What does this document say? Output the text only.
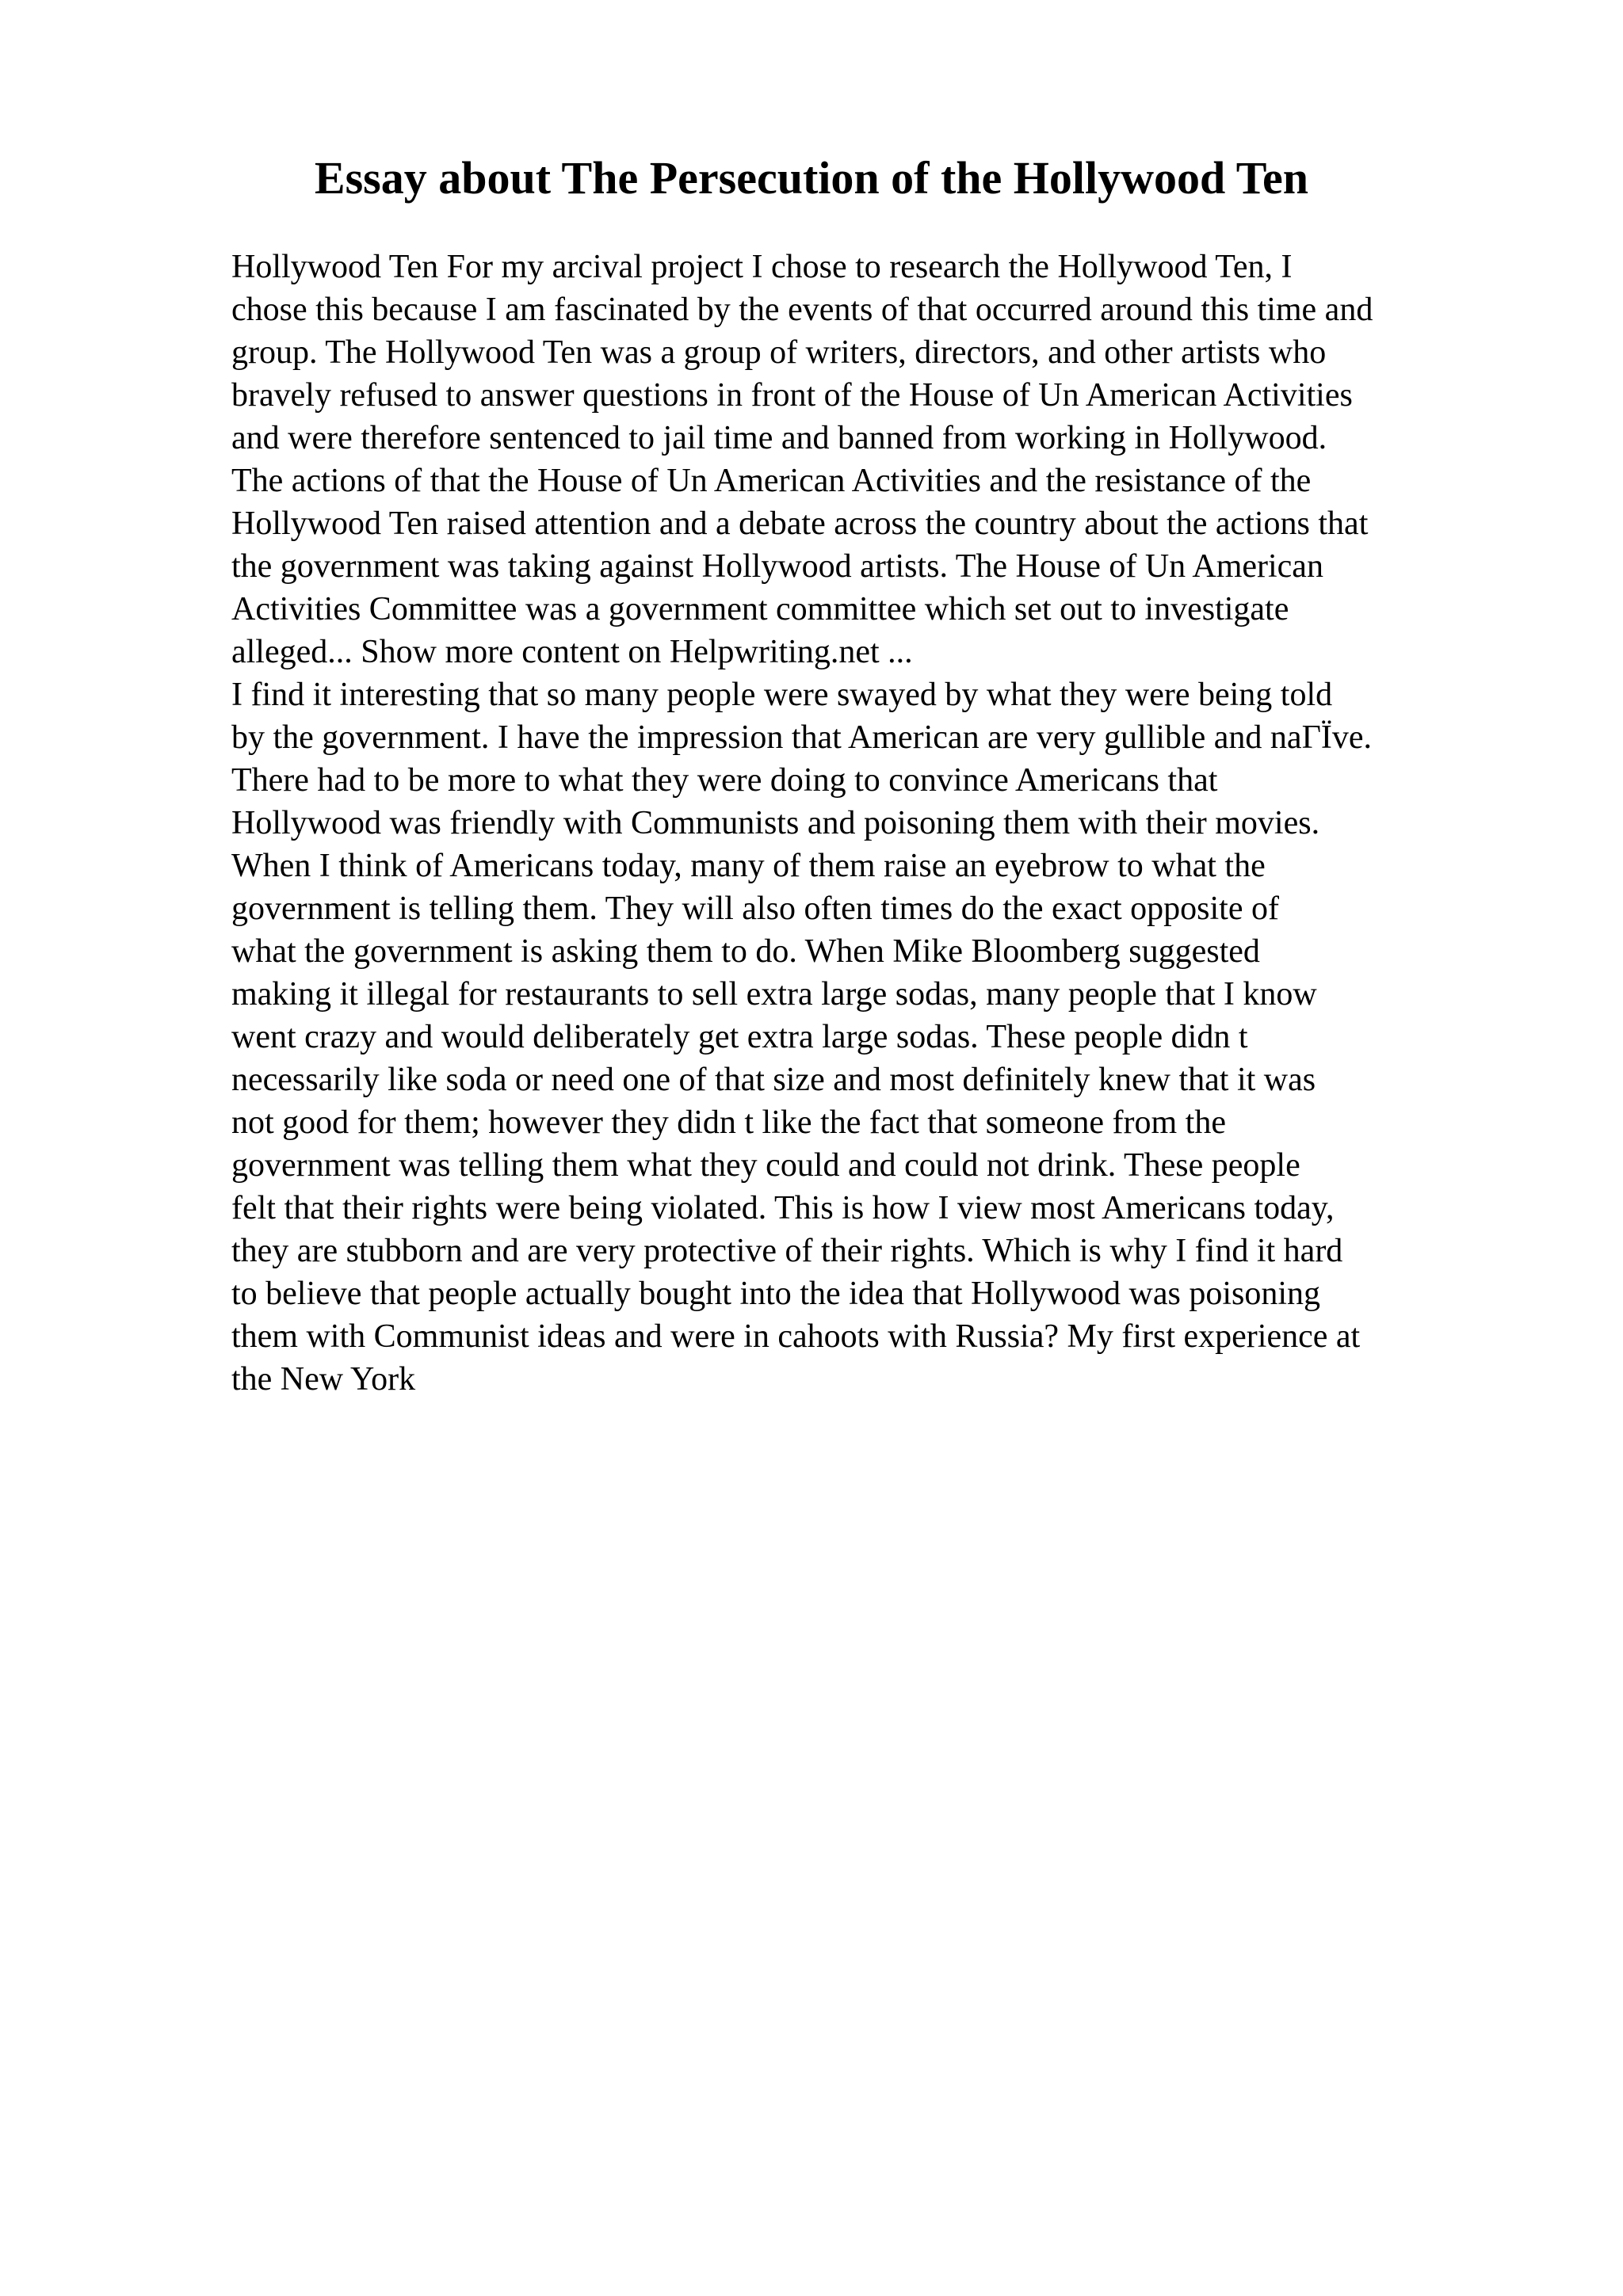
Essay about The Persecution of the Hollywood Ten
Hollywood Ten For my arcival project I chose to research the Hollywood Ten, I
chose this because I am fascinated by the events of that occurred around this time and
group. The Hollywood Ten was a group of writers, directors, and other artists who
bravely refused to answer questions in front of the House of Un American Activities
and were therefore sentenced to jail time and banned from working in Hollywood.
The actions of that the House of Un American Activities and the resistance of the
Hollywood Ten raised attention and a debate across the country about the actions that
the government was taking against Hollywood artists. The House of Un American
Activities Committee was a government committee which set out to investigate
alleged... Show more content on Helpwriting.net ...
I find it interesting that so many people were swayed by what they were being told
by the government. I have the impression that American are very gullible and naΓÏve.
There had to be more to what they were doing to convince Americans that
Hollywood was friendly with Communists and poisoning them with their movies.
When I think of Americans today, many of them raise an eyebrow to what the
government is telling them. They will also often times do the exact opposite of
what the government is asking them to do. When Mike Bloomberg suggested
making it illegal for restaurants to sell extra large sodas, many people that I know
went crazy and would deliberately get extra large sodas. These people didn t
necessarily like soda or need one of that size and most definitely knew that it was
not good for them; however they didn t like the fact that someone from the
government was telling them what they could and could not drink. These people
felt that their rights were being violated. This is how I view most Americans today,
they are stubborn and are very protective of their rights. Which is why I find it hard
to believe that people actually bought into the idea that Hollywood was poisoning
them with Communist ideas and were in cahoots with Russia? My first experience at
the New York
